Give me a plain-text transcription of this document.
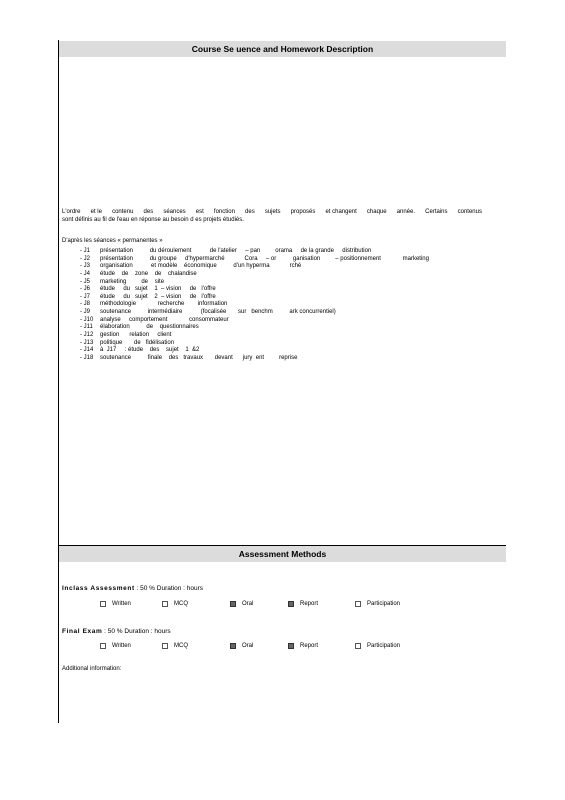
Course Se uence and Homework Description
L'ordre et le contenu des séances est fonction des sujets proposés et changent chaque année. Certains contenus
sont définis au fil de l'eau en réponse au besoin d es projets étudiés.
D'après les séances « permanentes »
- J1	présentation          du déroulement           de l'atelier     – pan         orama     de la grande     distribution
- J2	présentation          du groupe     d'hypermarché            Cora     – or          ganisation         – positionnement             marketing
- J3	organisation           et modèle    économique          d'un hyperma            rché
- J4	étude    de    zone    de    chalandise
- J5	marketing         de    site
- J6	étude     du   sujet    1  – vision     de   l'offre
- J7	étude     du   sujet    2  – vision     de   l'offre
- J8	méthodologie             recherche        information
- J9	soutenance          intermédiaire           (focalisée       sur   benchm          ark concurrentiel)
- J10	analyse     comportement             consommateur
- J11	élaboration          de    questionnaires
- J12	gestion      relation     client
- J13	politique       de   fidélisation
- J14	à  J17     : étude    des    sujet    1  &2
- J18	soutenance          finale    des   travaux       devant      jury  ent         reprise
Assessment Methods
Inclass Assessment : 50 % Duration : hours
Written	MCQ	Oral	Report	Participation
Final Exam : 50 % Duration : hours
Written	MCQ	Oral	Report	Participation
Additional information:
